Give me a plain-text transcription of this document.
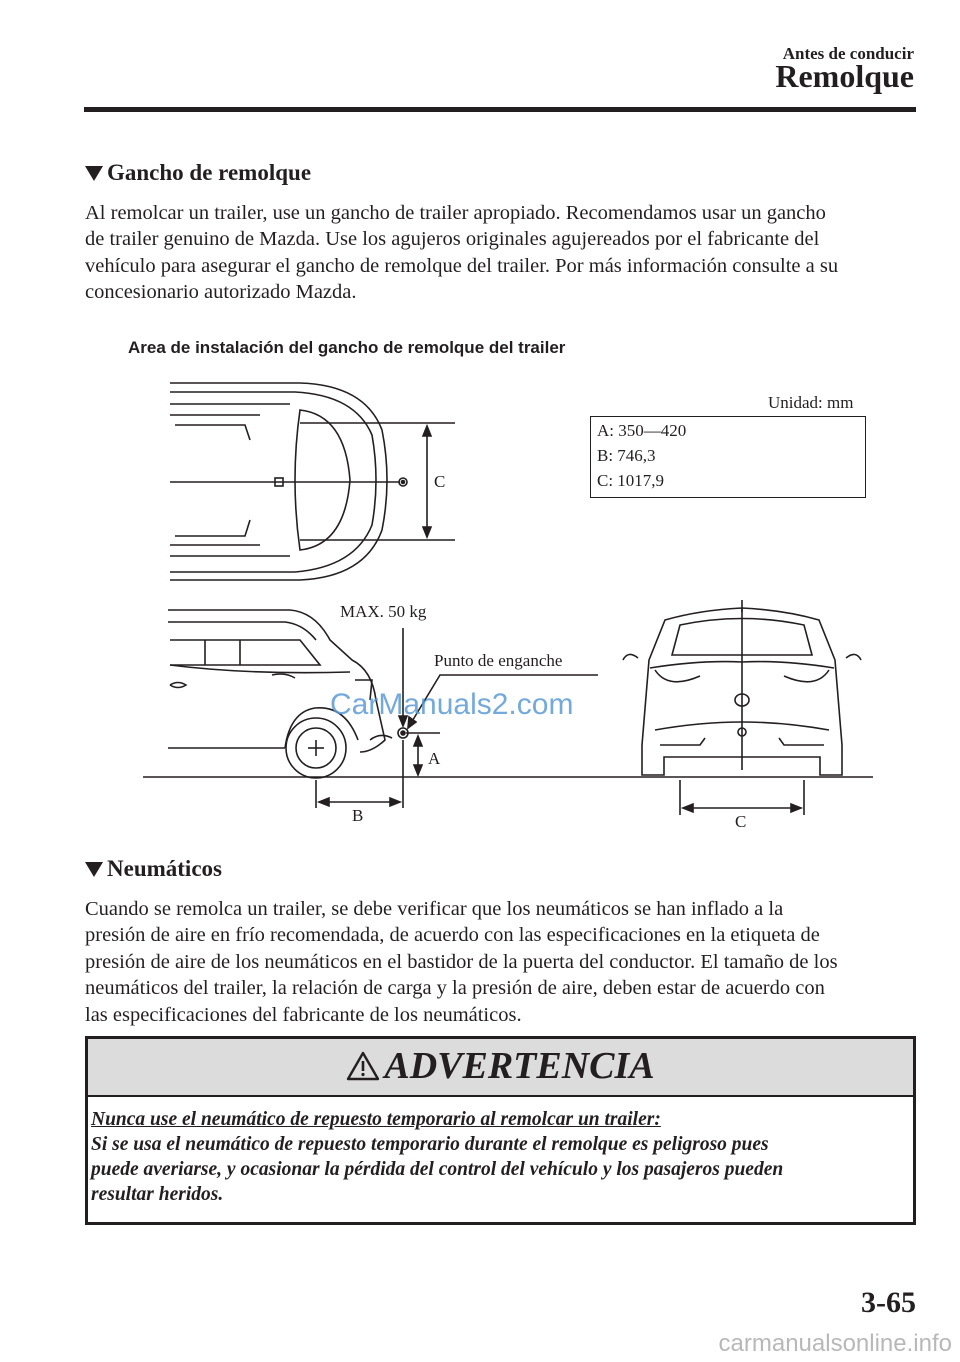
Antes de conducir
Remolque
Gancho de remolque
Al remolcar un trailer, use un gancho de trailer apropiado. Recomendamos usar un gancho
de trailer genuino de Mazda. Use los agujeros originales agujereados por el fabricante del
vehículo para asegurar el gancho de remolque del trailer. Por más información consulte a su
concesionario autorizado Mazda.
Area de instalación del gancho de remolque del trailer
Unidad: mm
A: 350—420
B: 746,3
C: 1017,9
C
MAX. 50 kg
Punto de enganche
A
B	C
CarManuals2.com
Neumáticos
Cuando se remolca un trailer, se debe verificar que los neumáticos se han inflado a la
presión de aire en frío recomendada, de acuerdo con las especificaciones en la etiqueta de
presión de aire de los neumáticos en el bastidor de la puerta del conductor. El tamaño de los
neumáticos del trailer, la relación de carga y la presión de aire, deben estar de acuerdo con
las especificaciones del fabricante de los neumáticos.
ADVERTENCIA
Nunca use el neumático de repuesto temporario al remolcar un trailer:
Si se usa el neumático de repuesto temporario durante el remolque es peligroso pues
puede averiarse, y ocasionar la pérdida del control del vehículo y los pasajeros pueden
resultar heridos.
3-65
carmanualsonline.info
